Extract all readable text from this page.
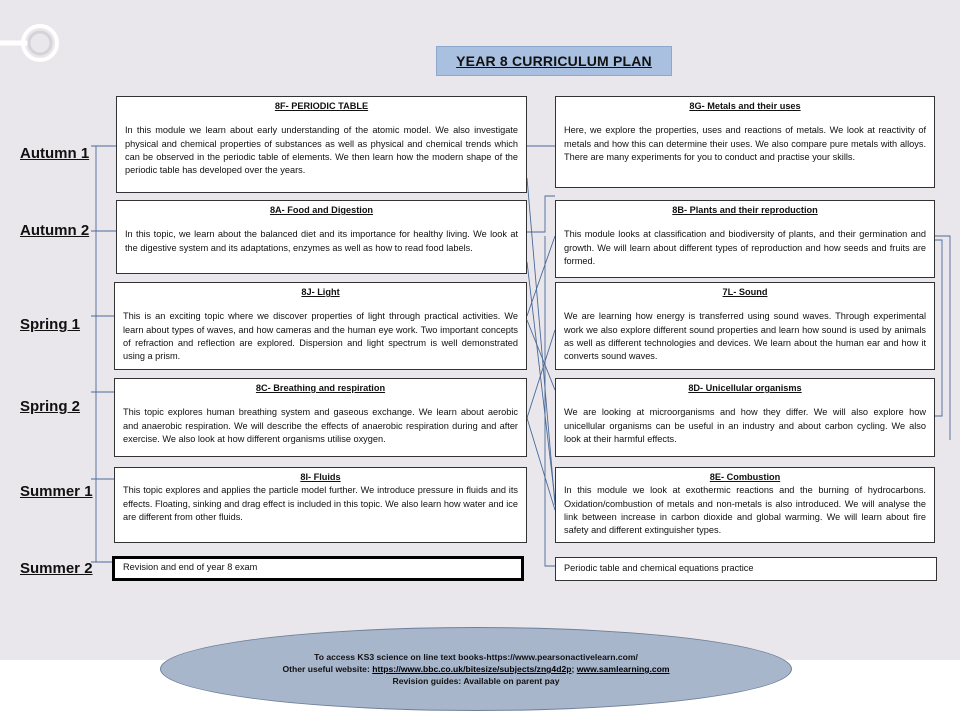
YEAR 8 CURRICULUM PLAN
Autumn 1
Autumn 2
Spring 1
Spring 2
Summer 1
Summer 2
8F- PERIODIC TABLE

In this module we learn about early understanding of the atomic model. We also investigate physical and chemical properties of substances as well as physical and chemical trends which can be observed in the periodic table of elements. We then learn how the modern shape of the periodic table has developed over the years.

8A- Food and Digestion

In this topic, we learn about the balanced diet and its importance for healthy living. We look at the digestive system and its adaptations, enzymes as well as how to read food labels.

8J- Light

This is an exciting topic where we discover properties of light through practical activities. We learn about types of waves, and how cameras and the human eye work. Two important concepts of refraction and reflection are explored. Dispersion and light spectrum is well demonstrated using a prism.

8C- Breathing and respiration

This topic explores human breathing system and gaseous exchange. We learn about aerobic and anaerobic respiration. We will describe the effects of anaerobic respiration during and after exercise. We also look at how different organisms utilise oxygen.

8I- Fluids

This topic explores and applies the particle model further. We introduce pressure in fluids and its effects. Floating, sinking and drag effect is included in this topic. We also learn how water and ice are different from other fluids.

Revision and end of year 8 exam

8G- Metals and their uses

Here, we explore the properties, uses and reactions of metals. We look at reactivity of metals and how this can determine their uses. We also compare pure metals with alloys. There are many experiments for you to conduct and practise your skills.

8B- Plants and their reproduction

This module looks at classification and biodiversity of plants, and their germination and growth. We will learn about different types of reproduction and how seeds and fruits are formed.

7L- Sound

We are learning how energy is transferred using sound waves. Through experimental work we also explore different sound properties and learn how sound is used by animals as well as different technologies and devices. We learn about the human ear and how it converts sound waves.

8D- Unicellular organisms

We are looking at microorganisms and how they differ. We will also explore how unicellular organisms can be useful in an industry and about carbon cycling. We also look at their harmful effects.

8E- Combustion

In this module we look at exothermic reactions and the burning of hydrocarbons. Oxidation/combustion of metals and non-metals is also introduced. We will analyse the link between increase in carbon dioxide and global warming. We will learn about fire safety and different extinguisher types.

Periodic table and chemical equations practice

To access KS3 science on line text books-https://www.pearsonactivelearn.com/
Other useful website: https://www.bbc.co.uk/bitesize/subjects/zng4d2p; www.samlearning.com
Revision guides: Available on parent pay
